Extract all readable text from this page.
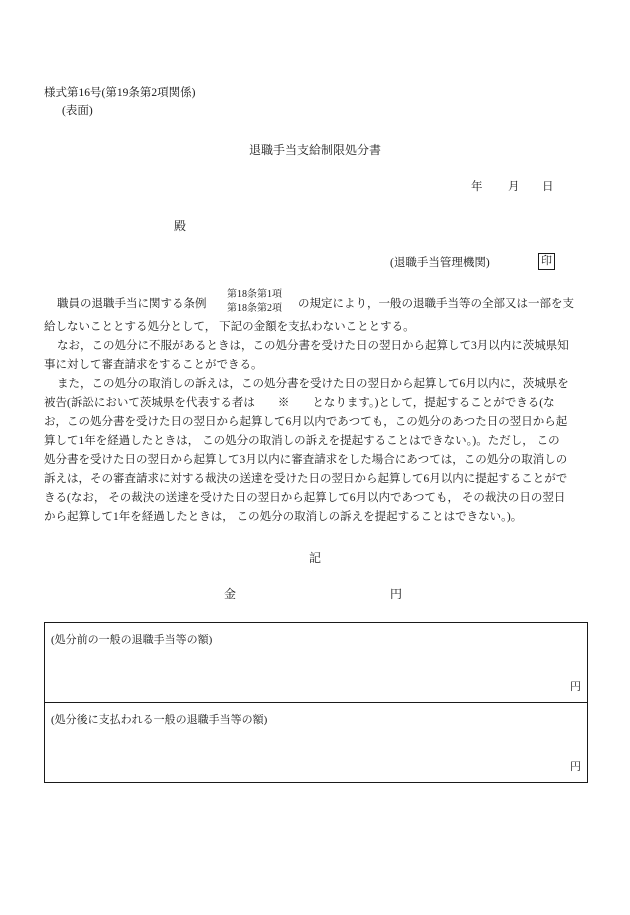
様式第16号(第19条第2項関係)
(表面)
退職手当支給制限処分書
年 月 日
殿
(退職手当管理機関)	印
職員の退職手当に関する条例
第18条第1項
第18条第2項 の規定により，一般の退職手当等の全部又は一部を支
給しないこととする処分として， 下記の金額を支払わないこととする。
なお，この処分に不服があるときは，この処分書を受けた日の翌日から起算して3月以内に茨城県知
事に対して審査請求をすることができる。
また，この処分の取消しの訴えは，この処分書を受けた日の翌日から起算して6月以内に，茨城県を
被告(訴訟において茨城県を代表する者は　　※　　となります。)として，提起することができる(な
お，この処分書を受けた日の翌日から起算して6月以内であつても，この処分のあつた日の翌日から起
算して1年を経過したときは， この処分の取消しの訴えを提起することはできない。)。ただし， この
処分書を受けた日の翌日から起算して3月以内に審査請求をした場合にあつては，この処分の取消しの
訴えは，その審査請求に対する裁決の送達を受けた日の翌日から起算して6月以内に提起することがで
きる(なお， その裁決の送達を受けた日の翌日から起算して6月以内であつても， その裁決の日の翌日
から起算して1年を経過したときは， この処分の取消しの訴えを提起することはできない。)。
記
金	円
(処分前の一般の退職手当等の額)
円
(処分後に支払われる一般の退職手当等の額)
円
